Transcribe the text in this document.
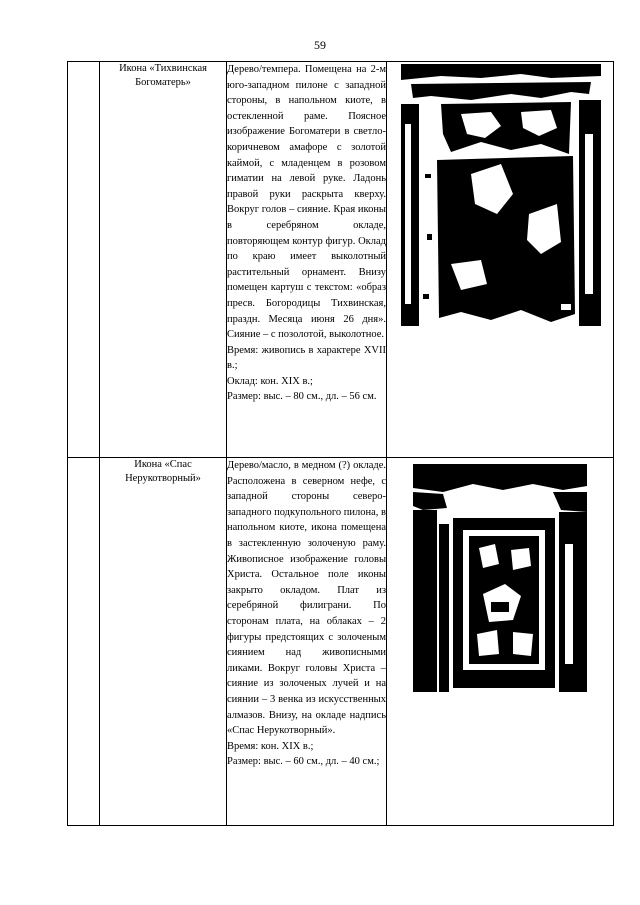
59
	Икона «Тихвинская Богоматерь»	Дерево/темпера. Помещена на 2-м юго-западном пилоне с западной стороны, в напольном киоте, в остекленной раме. Поясное изображение Богоматери в светло-коричневом амафоре с золотой каймой, с младенцем в розовом гиматии на левой руке. Ладонь правой руки раскрыта кверху. Вокруг голов – сияние. Края иконы в серебряном окладе, повторяющем контур фигур. Оклад по краю имеет выколотный растительный орнамент. Внизу помещен картуш с текстом: «образ пресв. Богородицы Тихвинская, праздн. Месяца июня 26 дня». Сияние – с позолотой, выколотное.
Время: живопись в характере XVII в.;
Оклад: кон. XIX в.;
Размер: выс. – 80 см., дл. – 56 см.

	Икона «Спас Нерукотворный»	Дерево/масло, в медном (?) окладе. Расположена в северном нефе, с западной стороны северо-западного подкупольного пилона, в напольном киоте, икона помещена в застекленную золоченую раму. Живописное изображение головы Христа. Остальное поле иконы закрыто окладом. Плат из серебряной филиграни. По сторонам плата, на облаках – 2 фигуры предстоящих с золоченым сиянием над живописными ликами. Вокруг головы Христа – сияние из золоченых лучей и на сиянии – 3 венка из искусственных алмазов. Внизу, на окладе надпись «Спас Нерукотворный».
Время: кон. XIX в.;
Размер: выс. – 60 см., дл. – 40 см.;
